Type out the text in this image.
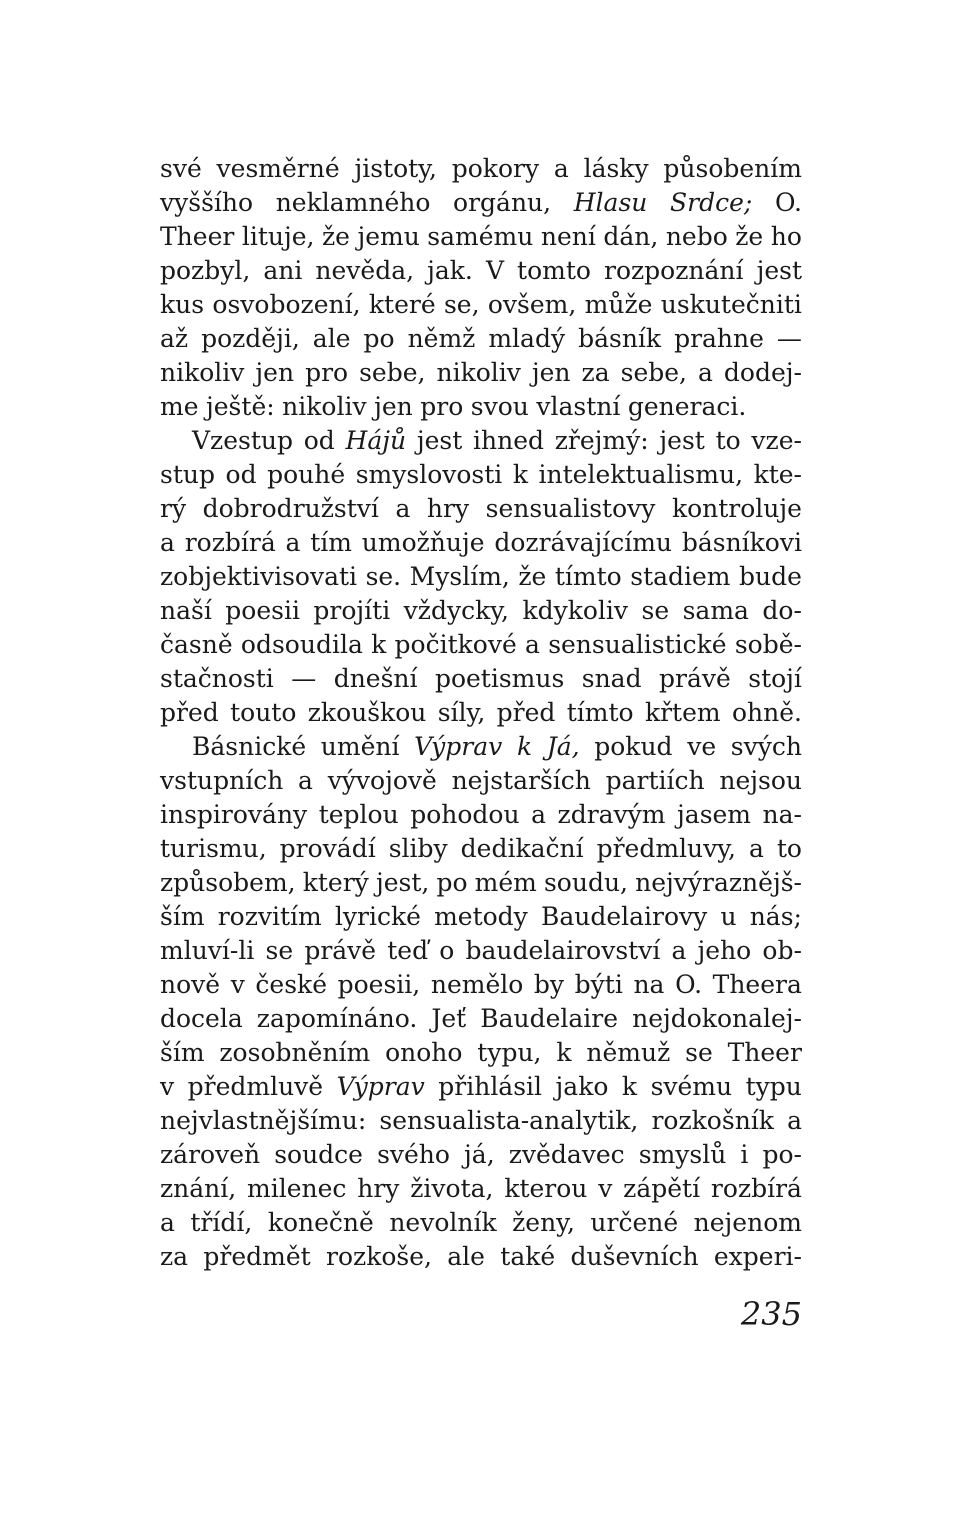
své vesměrné jistoty, pokory a lásky působením
vyššího neklamného orgánu, Hlasu Srdce; O.
Theer lituje, že jemu samému není dán, nebo že ho
pozbyl, ani nevěda, jak. V tomto rozpoznání jest
kus osvobození, které se, ovšem, může uskutečniti
až později, ale po němž mladý básník prahne —
nikoliv jen pro sebe, nikoliv jen za sebe, a dodej-
me ještě: nikoliv jen pro svou vlastní generaci.
Vzestup od Hájů jest ihned zřejmý: jest to vze-
stup od pouhé smyslovosti k intelektualismu, kte-
rý dobrodružství a hry sensualistovy kontroluje
a rozbírá a tím umožňuje dozrávajícímu básníkovi
zobjektivisovati se. Myslím, že tímto stadiem bude
naší poesii projíti vždycky, kdykoliv se sama do-
časně odsoudila k počitkové a sensualistické sobě-
stačnosti — dnešní poetismus snad právě stojí
před touto zkouškou síly, před tímto křtem ohně.
Básnické umění Výprav k Já, pokud ve svých
vstupních a vývojově nejstarších partiích nejsou
inspirovány teplou pohodou a zdravým jasem na-
turismu, provádí sliby dedikační předmluvy, a to
způsobem, který jest, po mém soudu, nejvýraznějš-
ším rozvitím lyrické metody Baudelairovy u nás;
mluví-li se právě teď o baudelairovství a jeho ob-
nově v české poesii, nemělo by býti na O. Theera
docela zapomínáno. Jeť Baudelaire nejdokonalej-
ším zosobněním onoho typu, k němuž se Theer
v předmluvě Výprav přihlásil jako k svému typu
nejvlastnějšímu: sensualista-analytik, rozkošník a
zároveň soudce svého já, zvědavec smyslů i po-
znání, milenec hry života, kterou v zápětí rozbírá
a třídí, konečně nevolník ženy, určené nejenom
za předmět rozkoše, ale také duševních experi-
235
